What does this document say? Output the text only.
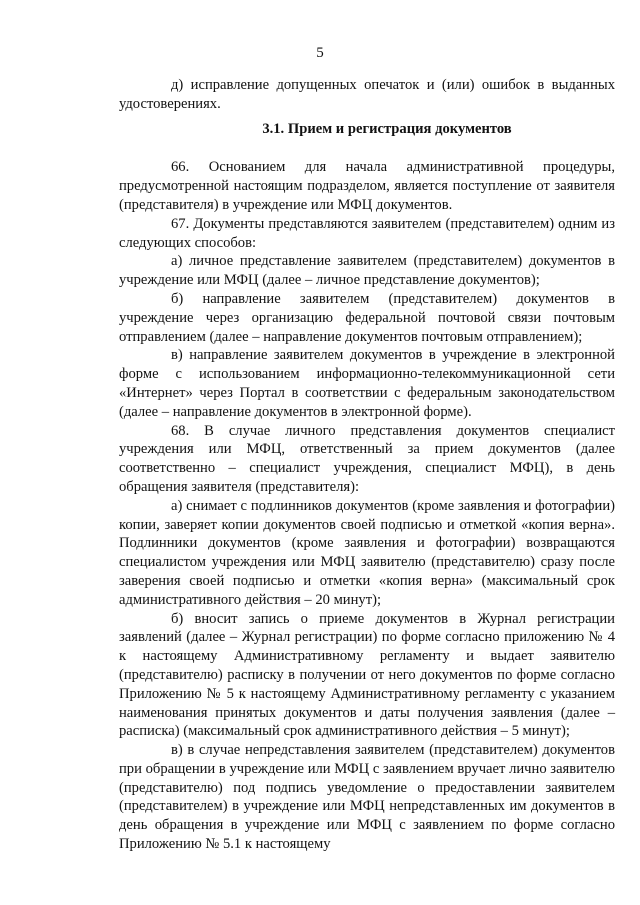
5

д) исправление допущенных опечаток и (или) ошибок в выданных удостоверениях.

3.1. Прием и регистрация документов

66. Основанием для начала административной процедуры, предусмотренной настоящим подразделом, является поступление от заявителя (представителя) в учреждение или МФЦ документов.

67. Документы представляются заявителем (представителем) одним из следующих способов:

а) личное представление заявителем (представителем) документов в учреждение или МФЦ (далее – личное представление документов);

б) направление заявителем (представителем) документов в учреждение через организацию федеральной почтовой связи почтовым отправлением (далее – направление документов почтовым отправлением);

в) направление заявителем документов в учреждение в электронной форме с использованием информационно-телекоммуникационной сети «Интернет» через Портал в соответствии с федеральным законодательством (далее – направление документов в электронной форме).

68. В случае личного представления документов специалист учреждения или МФЦ, ответственный за прием документов (далее соответственно – специалист учреждения, специалист МФЦ), в день обращения заявителя (представителя):

а) снимает с подлинников документов (кроме заявления и фотографии) копии, заверяет копии документов своей подписью и отметкой «копия верна». Подлинники документов (кроме заявления и фотографии) возвращаются специалистом учреждения или МФЦ заявителю (представителю) сразу после заверения своей подписью и отметки «копия верна» (максимальный срок административного действия – 20 минут);

б) вносит запись о приеме документов в Журнал регистрации заявлений (далее – Журнал регистрации) по форме согласно приложению № 4 к настоящему Административному регламенту и выдает заявителю (представителю) расписку в получении от него документов по форме согласно Приложению № 5 к настоящему Административному регламенту с указанием наименования принятых документов и даты получения заявления (далее – расписка) (максимальный срок административного действия – 5 минут);

в) в случае непредставления заявителем (представителем) документов при обращении в учреждение или МФЦ с заявлением вручает лично заявителю (представителю) под подпись уведомление о предоставлении заявителем (представителем) в учреждение или МФЦ непредставленных им документов в день обращения в учреждение или МФЦ с заявлением по форме согласно Приложению № 5.1 к настоящему
